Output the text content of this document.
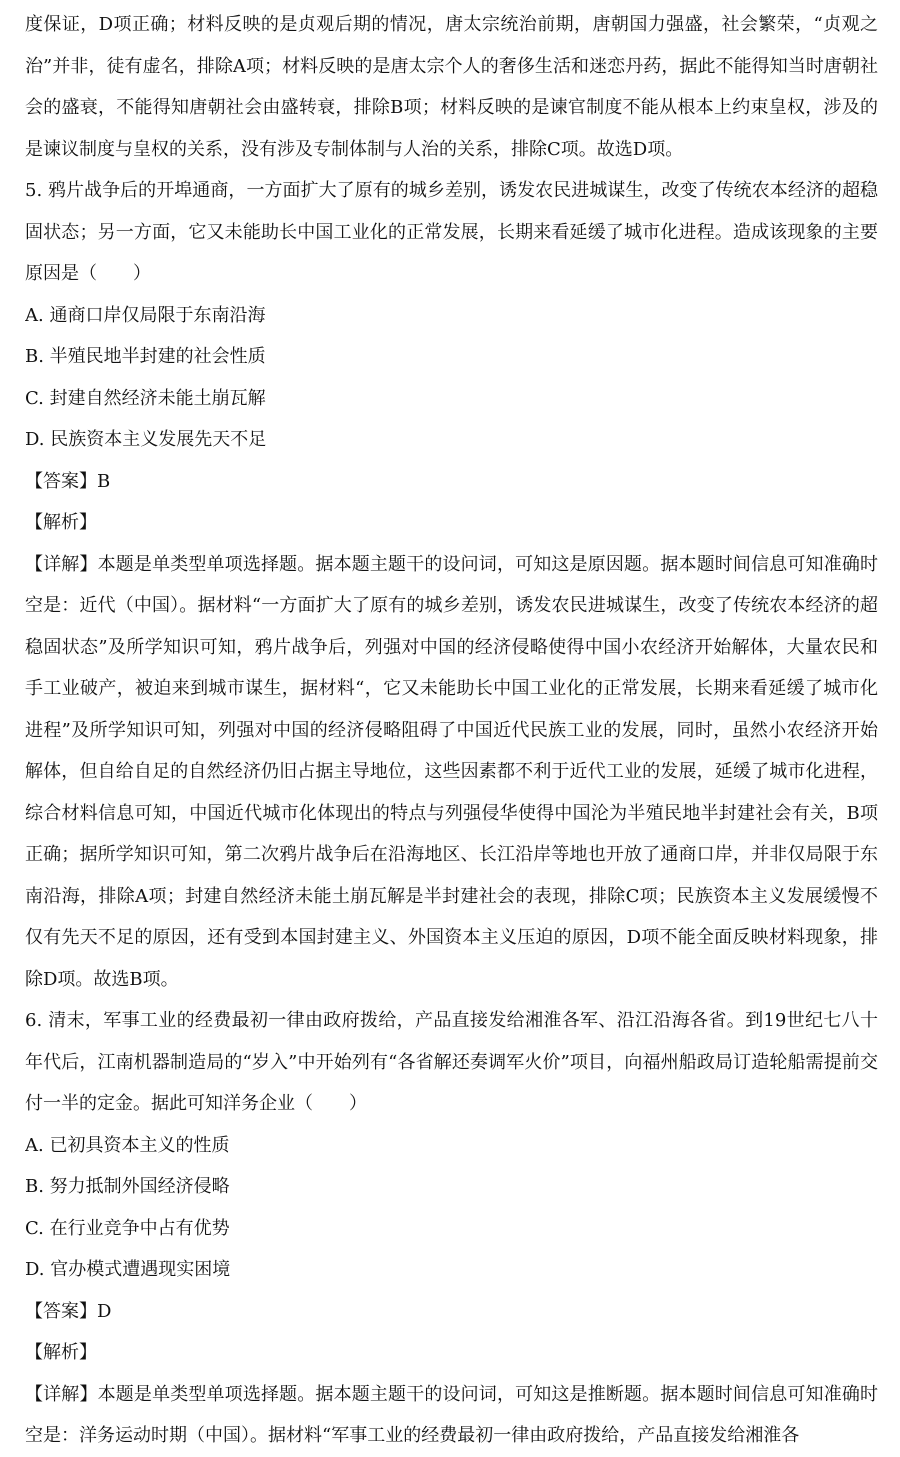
度保证，D项正确；材料反映的是贞观后期的情况，唐太宗统治前期，唐朝国力强盛，社会繁荣，“贞观之治”并非，徒有虚名，排除A项；材料反映的是唐太宗个人的奢侈生活和迷恋丹药，据此不能得知当时唐朝社会的盛衰，不能得知唐朝社会由盛转衰，排除B项；材料反映的是谏官制度不能从根本上约束皇权，涉及的是谏议制度与皇权的关系，没有涉及专制体制与人治的关系，排除C项。故选D项。

5. 鸦片战争后的开埠通商，一方面扩大了原有的城乡差别，诱发农民进城谋生，改变了传统农本经济的超稳固状态；另一方面，它又未能助长中国工业化的正常发展，长期来看延缓了城市化进程。造成该现象的主要原因是（　　）

A. 通商口岸仅局限于东南沿海
B. 半殖民地半封建的社会性质
C. 封建自然经济未能土崩瓦解
D. 民族资本主义发展先天不足

【答案】B

【解析】

【详解】本题是单类型单项选择题。据本题主题干的设问词，可知这是原因题。据本题时间信息可知准确时空是：近代（中国）。据材料“一方面扩大了原有的城乡差别，诱发农民进城谋生，改变了传统农本经济的超稳固状态”及所学知识可知，鸦片战争后，列强对中国的经济侵略使得中国小农经济开始解体，大量农民和手工业破产，被迫来到城市谋生，据材料“，它又未能助长中国工业化的正常发展，长期来看延缓了城市化进程”及所学知识可知，列强对中国的经济侵略阻碍了中国近代民族工业的发展，同时，虽然小农经济开始解体，但自给自足的自然经济仍旧占据主导地位，这些因素都不利于近代工业的发展，延缓了城市化进程，综合材料信息可知，中国近代城市化体现出的特点与列强侵华使得中国沦为半殖民地半封建社会有关，B项正确；据所学知识可知，第二次鸦片战争后在沿海地区、长江沿岸等地也开放了通商口岸，并非仅局限于东南沿海，排除A项；封建自然经济未能土崩瓦解是半封建社会的表现，排除C项；民族资本主义发展缓慢不仅有先天不足的原因，还有受到本国封建主义、外国资本主义压迫的原因，D项不能全面反映材料现象，排除D项。故选B项。

6. 清末，军事工业的经费最初一律由政府拨给，产品直接发给湘淮各军、沿江沿海各省。到19世纪七八十年代后，江南机器制造局的“岁入”中开始列有“各省解还奏调军火价”项目，向福州船政局订造轮船需提前交付一半的定金。据此可知洋务企业（　　）

A. 已初具资本主义的性质
B. 努力抵制外国经济侵略
C. 在行业竞争中占有优势
D. 官办模式遭遇现实困境

【答案】D

【解析】

【详解】本题是单类型单项选择题。据本题主题干的设问词，可知这是推断题。据本题时间信息可知准确时空是：洋务运动时期（中国）。据材料“军事工业的经费最初一律由政府拨给，产品直接发给湘淮各
